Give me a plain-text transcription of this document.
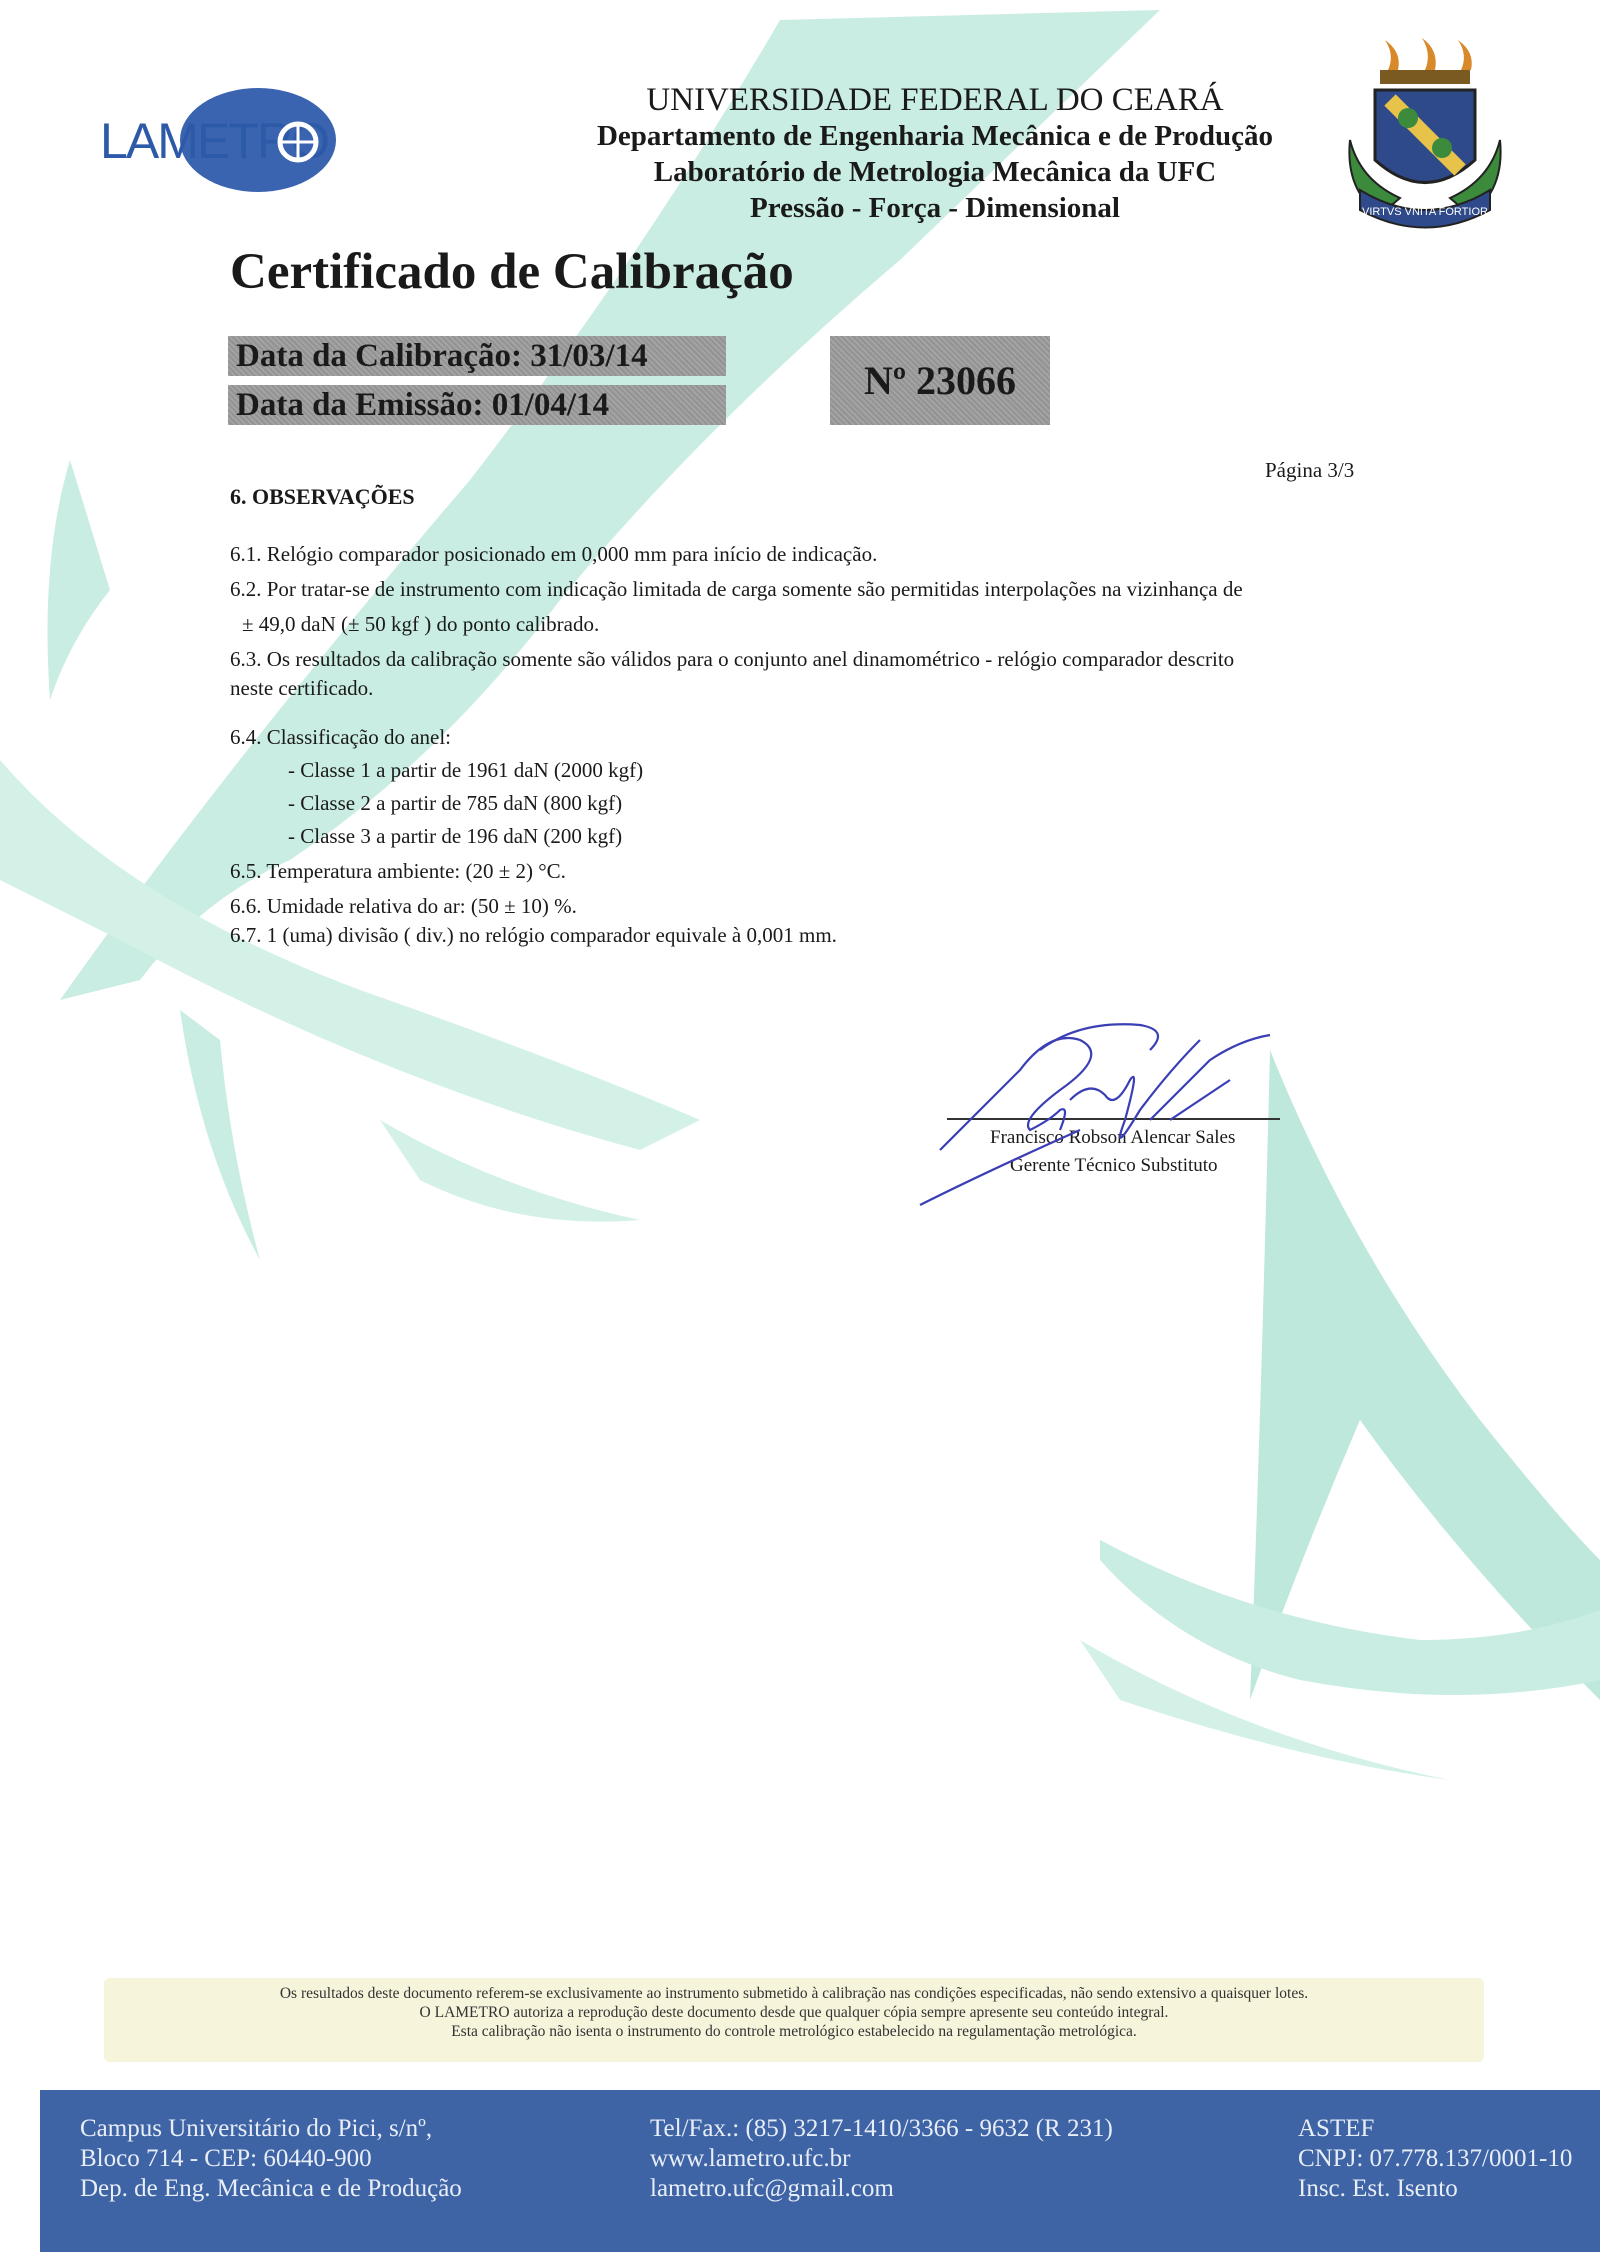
LAMETRO
UNIVERSIDADE FEDERAL DO CEARÁ
Departamento de Engenharia Mecânica e de Produção
Laboratório de Metrologia Mecânica da UFC
Pressão - Força - Dimensional	VIRTVS VNITA FORTIOR
Certificado de Calibração
Data da Calibração: 31/03/14
Data da Emissão: 01/04/14
Nº 23066
Página 3/3
6. OBSERVAÇÕES

6.1. Relógio comparador posicionado em 0,000 mm para início de indicação.

6.2. Por tratar-se de instrumento com indicação limitada de carga somente são permitidas interpolações na vizinhança de

± 49,0 daN (± 50 kgf ) do ponto calibrado.

6.3. Os resultados da calibração somente são válidos para o conjunto anel dinamométrico - relógio comparador descrito

neste certificado.

6.4. Classificação do anel:

- Classe 1 a partir de 1961 daN (2000 kgf)

- Classe 2 a partir de 785 daN (800 kgf)

- Classe 3 a partir de 196 daN (200 kgf)

6.5. Temperatura ambiente: (20 ± 2) °C.

6.6. Umidade relativa do ar: (50 ± 10) %.

6.7. 1 (uma) divisão ( div.) no relógio comparador equivale à 0,001 mm.

Francisco Robson Alencar Sales
Gerente Técnico Substituto

Os resultados deste documento referem-se exclusivamente ao instrumento submetido à calibração nas condições especificadas, não sendo extensivo a quaisquer lotes.

O LAMETRO autoriza a reprodução deste documento desde que qualquer cópia sempre apresente seu conteúdo integral.

Esta calibração não isenta o instrumento do controle metrológico estabelecido na regulamentação metrológica.

Campus Universitário do Pici, s/nº,

Bloco 714 - CEP: 60440-900

Dep. de Eng. Mecânica e de Produção

Tel/Fax.: (85) 3217-1410/3366 - 9632 (R 231)

www.lametro.ufc.br

lametro.ufc@gmail.com

ASTEF

CNPJ: 07.778.137/0001-10

Insc. Est. Isento
